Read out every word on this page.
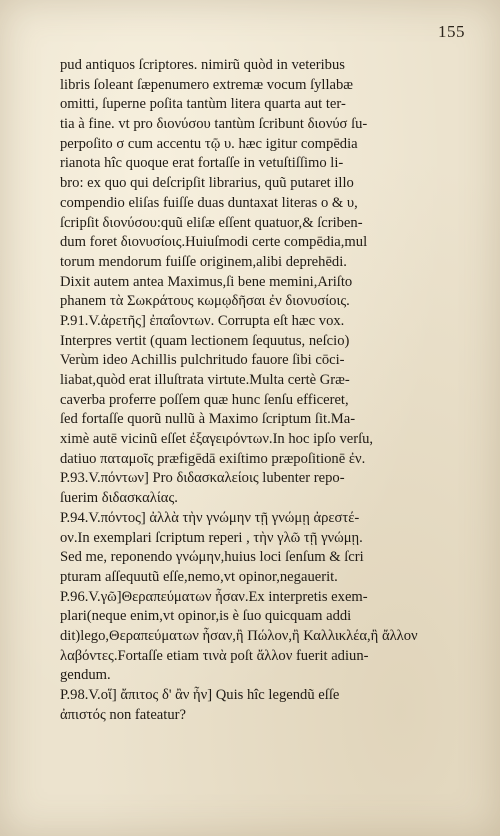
155
pud antiquos ſcriptores. nimirũ quòd in veteribus
libris ſoleant ſæpenumero extremæ vocum ſyllabæ
omitti, ſuperne poſita tantùm litera quarta aut ter-
tia à fine. vt pro διονύσου tantùm ſcribunt διονύσ ſu-
perpoſito σ cum accentu τῷ υ. hæc igitur compēdia
rianota hîc quoque erat fortaſſe in vetuſtiſſimo li-
bro: ex quo qui deſcripſit librarius, quũ putaret illo
compendio eliſas fuiſſe duas duntaxat literas ο & υ,
ſcripſit διονύσου:quũ eliſæ eſſent quatuor,& ſcriben-
dum foret διονυσίοις.Huiuſmodi certe compēdia,mul
torum mendorum fuiſſe originem,alibi deprehēdi.
Dixit autem antea Maximus,ſi bene memini,Ariſto
phanem τὰ Σωκράτους κωμῳδῆσαι ἐν διονυσίοις.
P.91.V.ἀρετῆς] ἐπαΐοντων. Corrupta eſt hæc vox.
Interpres vertit (quam lectionem ſequutus, neſcio)
Verùm ideo Achillis pulchritudo fauore ſibi cōci-
liabat,quòd erat illuſtrata virtute.Multa certè Græ-
caverba proferre poſſem quæ hunc ſenſu efficeret,
ſed fortaſſe quorũ nullũ à Maximo ſcriptum ſit.Ma-
ximè autē vicinũ eſſet ἐξαγειρόντων.In hoc ipſo verſu,
datiuo παταμοῖς præfigēdā exiſtimo præpoſitionē ἐν.
P.93.V.πόντων] Pro διδασκαλείοις lubenter repo-
ſuerim διδασκαλίας.
P.94.V.πόντος] ἀλλὰ τὴν γνώμην τῇ γνώμῃ ἀρεστέ-
ον.In exemplari ſcriptum reperi , τὴν γλῶ τῇ γνώμῃ.
Sed me, reponendo γνώμην,huius loci ſenſum & ſcri
pturam aſſequutũ eſſe,nemo,vt opinor,negauerit.
P.96.V.γῶ]Θεραπεύματων ἦσαν.Ex interpretis exem-
plari(neque enim,vt opinor,is è ſuo quicquam addi
dit)lego,Θεραπεύματων ἦσαν,ἢ Πώλον,ἢ Καλλικλέα,ἢ ἄλλον
λαβόντες.Fortaſſe etiam τινὰ poſt ἄλλον fuerit adiun-
gendum.
P.98.V.οἵ] ἄπιτος δ' ἂν ἦν] Quis hîc legendũ eſſe
ἀπιστός non fateatur?
